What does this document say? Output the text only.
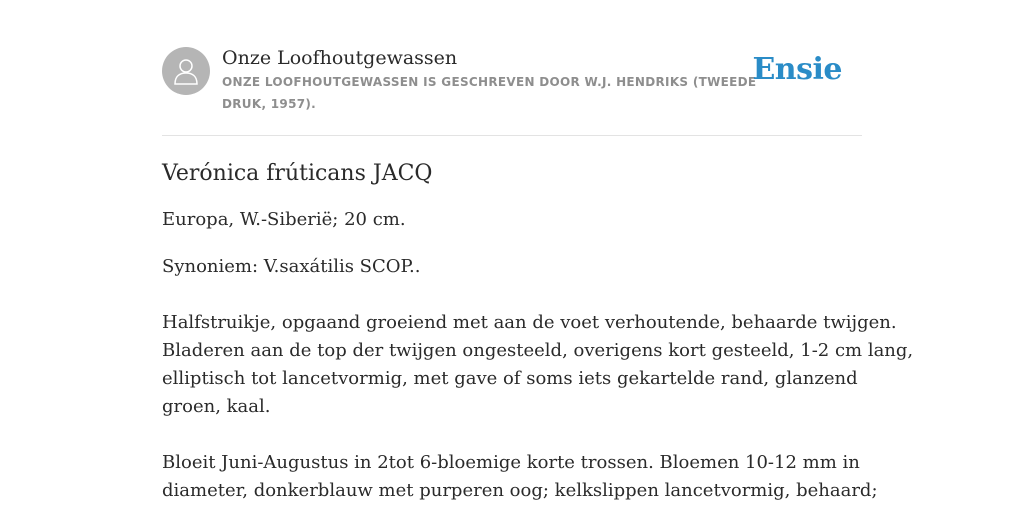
Onze Loofhoutgewassen
ONZE LOOFHOUTGEWASSEN IS GESCHREVEN DOOR W.J. HENDRIKS (TWEEDE DRUK, 1957).
Ensie
Verónica frúticans JACQ

Europa, W.-Siberië; 20 cm.

Synoniem: V.saxátilis SCOP..

Halfstruikje, opgaand groeiend met aan de voet verhoutende, behaarde twijgen.

Bladeren aan de top der twijgen ongesteeld, overigens kort gesteeld, 1-2 cm lang,

elliptisch tot lancetvormig, met gave of soms iets gekartelde rand, glanzend

groen, kaal.

Bloeit Juni-Augustus in 2tot 6-bloemige korte trossen. Bloemen 10-12 mm in

diameter, donkerblauw met purperen oog; kelkslippen lancetvormig, behaard;
